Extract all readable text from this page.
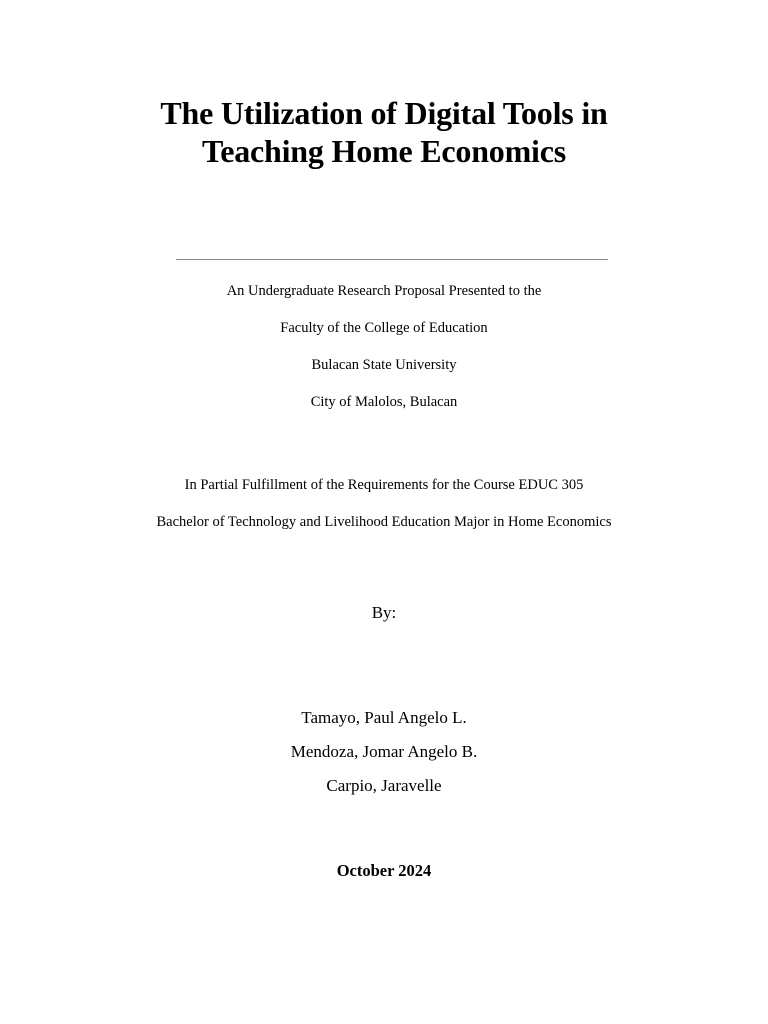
The Utilization of Digital Tools in
Teaching Home Economics
An Undergraduate Research Proposal Presented to the
Faculty of the College of Education
Bulacan State University
City of Malolos, Bulacan
In Partial Fulfillment of the Requirements for the Course EDUC 305
Bachelor of Technology and Livelihood Education Major in Home Economics
By:
Tamayo, Paul Angelo L.
Mendoza, Jomar Angelo B.
Carpio, Jaravelle
October 2024
